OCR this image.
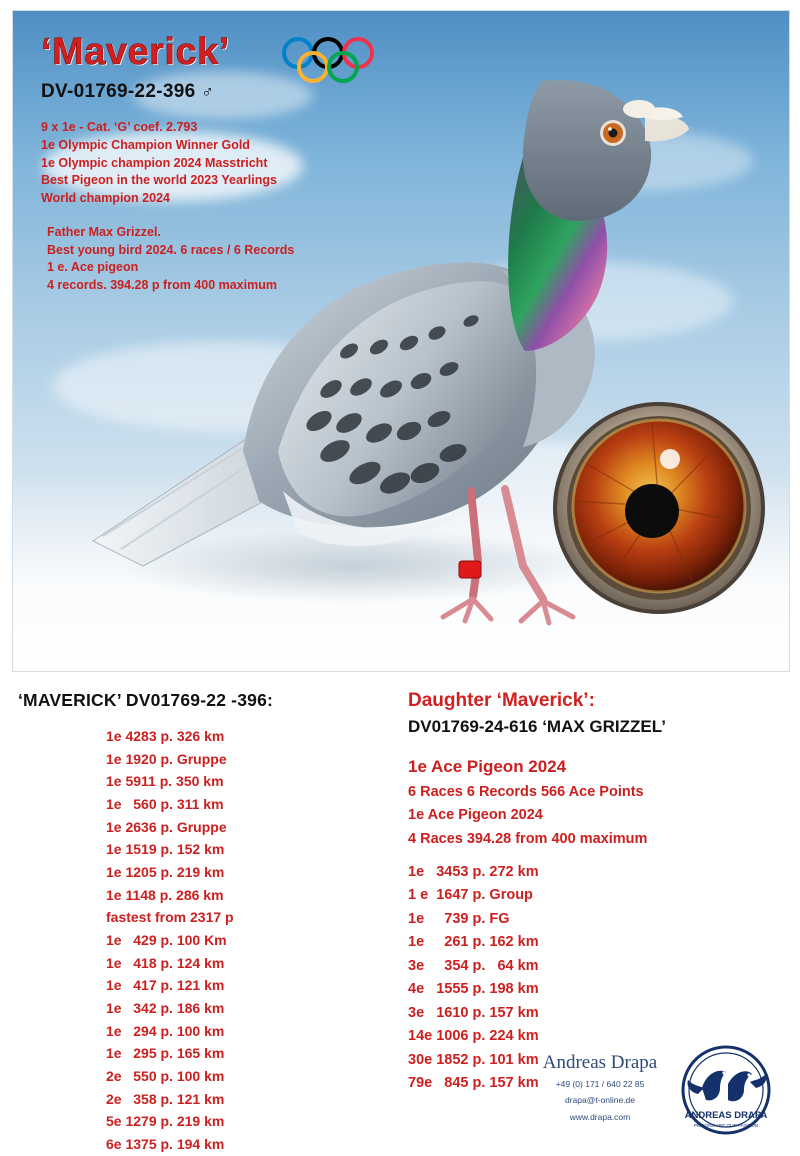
‘Maverick’
DV-01769-22-396 ♂
9 x 1e - Cat. ‘G’ coef. 2.793
1e Olympic Champion Winner Gold
1e Olympic champion 2024 Masstricht
Best Pigeon in the world 2023 Yearlings
World champion 2024
Father Max Grizzel.
Best young bird 2024. 6 races / 6 Records
1 e. Ace pigeon
4 records. 394.28 p from 400 maximum
‘MAVERICK’ DV01769-22 -396:
1e 4283 p. 326 km
1e 1920 p. Gruppe
1e 5911 p. 350 km
1e   560 p. 311 km
1e 2636 p. Gruppe
1e 1519 p. 152 km
1e 1205 p. 219 km
1e 1148 p. 286 km
fastest from 2317 p
1e   429 p. 100 Km
1e   418 p. 124 km
1e   417 p. 121 km
1e   342 p. 186 km
1e   294 p. 100 km
1e   295 p. 165 km
2e   550 p. 100 km
2e   358 p. 121 km
5e 1279 p. 219 km
6e 1375 p. 194 km
Daughter ‘Maverick’:
DV01769-24-616 ‘MAX GRIZZEL’
1e Ace Pigeon 2024
6 Races 6 Records 566 Ace Points
1e Ace Pigeon 2024
4 Races 394.28 from 400 maximum
1e   3453 p. 272 km
1 e  1647 p. Group
1e     739 p. FG
1e     261 p. 162 km
3e     354 p.   64 km
4e   1555 p. 198 km
3e   1610 p. 157 km
14e 1006 p. 224 km
30e 1852 p. 101 km
79e   845 p. 157 km
Andreas Drapa
+49 (0) 171 / 640 22 85
drapa@t-online.de
www.drapa.com	ANDREAS DRAPA
PIGEONS ARE OUR PASSION
